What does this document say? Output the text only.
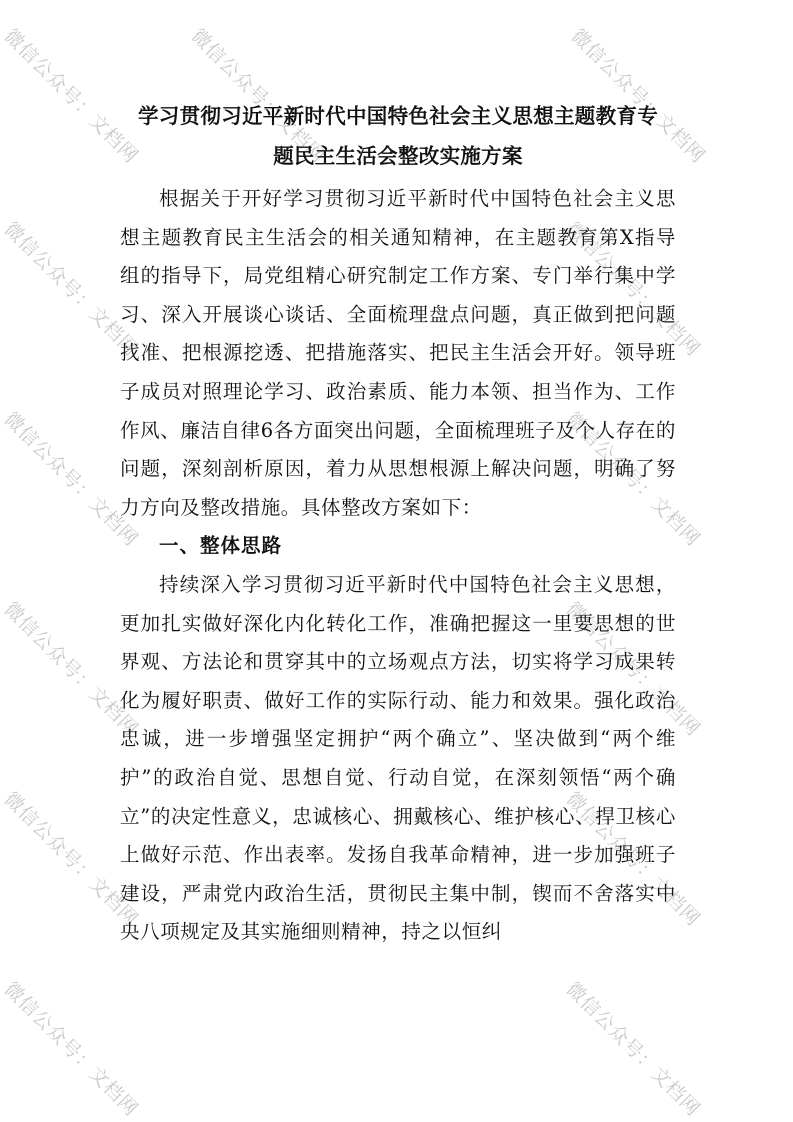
微信公众号：文档网 微信公众号：文档网	微信公众号：文档网
微信公众号：文档网	微信公众号：文档网
微信公众号：文档网	微信公众号：文档网
微信公众号：文档网	微信公众号：文档网
微信公众号：文档网	微信公众号：文档网
微信公众号：文档网	微信公众号：文档网
学习贯彻习近平新时代中国特色社会主义思想主题教育专
题民主生活会整改实施方案

根据关于开好学习贯彻习近平新时代中国特色社会主义思想主题教育民主生活会的相关通知精神，在主题教育第X指导组的指导下，局党组精心研究制定工作方案、专门举行集中学习、深入开展谈心谈话、全面梳理盘点问题，真正做到把问题找准、把根源挖透、把措施落实、把民主生活会开好。领导班子成员对照理论学习、政治素质、能力本领、担当作为、工作作风、廉洁自律6各方面突出问题，全面梳理班子及个人存在的问题，深刻剖析原因，着力从思想根源上解决问题，明确了努力方向及整改措施。具体整改方案如下：

一、整体思路

持续深入学习贯彻习近平新时代中国特色社会主义思想，更加扎实做好深化内化转化工作，准确把握这一里要思想的世界观、方法论和贯穿其中的立场观点方法，切实将学习成果转化为履好职责、做好工作的实际行动、能力和效果。强化政治忠诚，进一步增强坚定拥护“两个确立”、坚决做到“两个维护”的政治自觉、思想自觉、行动自觉，在深刻领悟“两个确立”的决定性意义，忠诚核心、拥戴核心、维护核心、捍卫核心上做好示范、作出表率。发扬自我革命精神，进一步加强班子建设，严肃党内政治生活，贯彻民主集中制，锲而不舍落实中央八项规定及其实施细则精神，持之以恒纠
